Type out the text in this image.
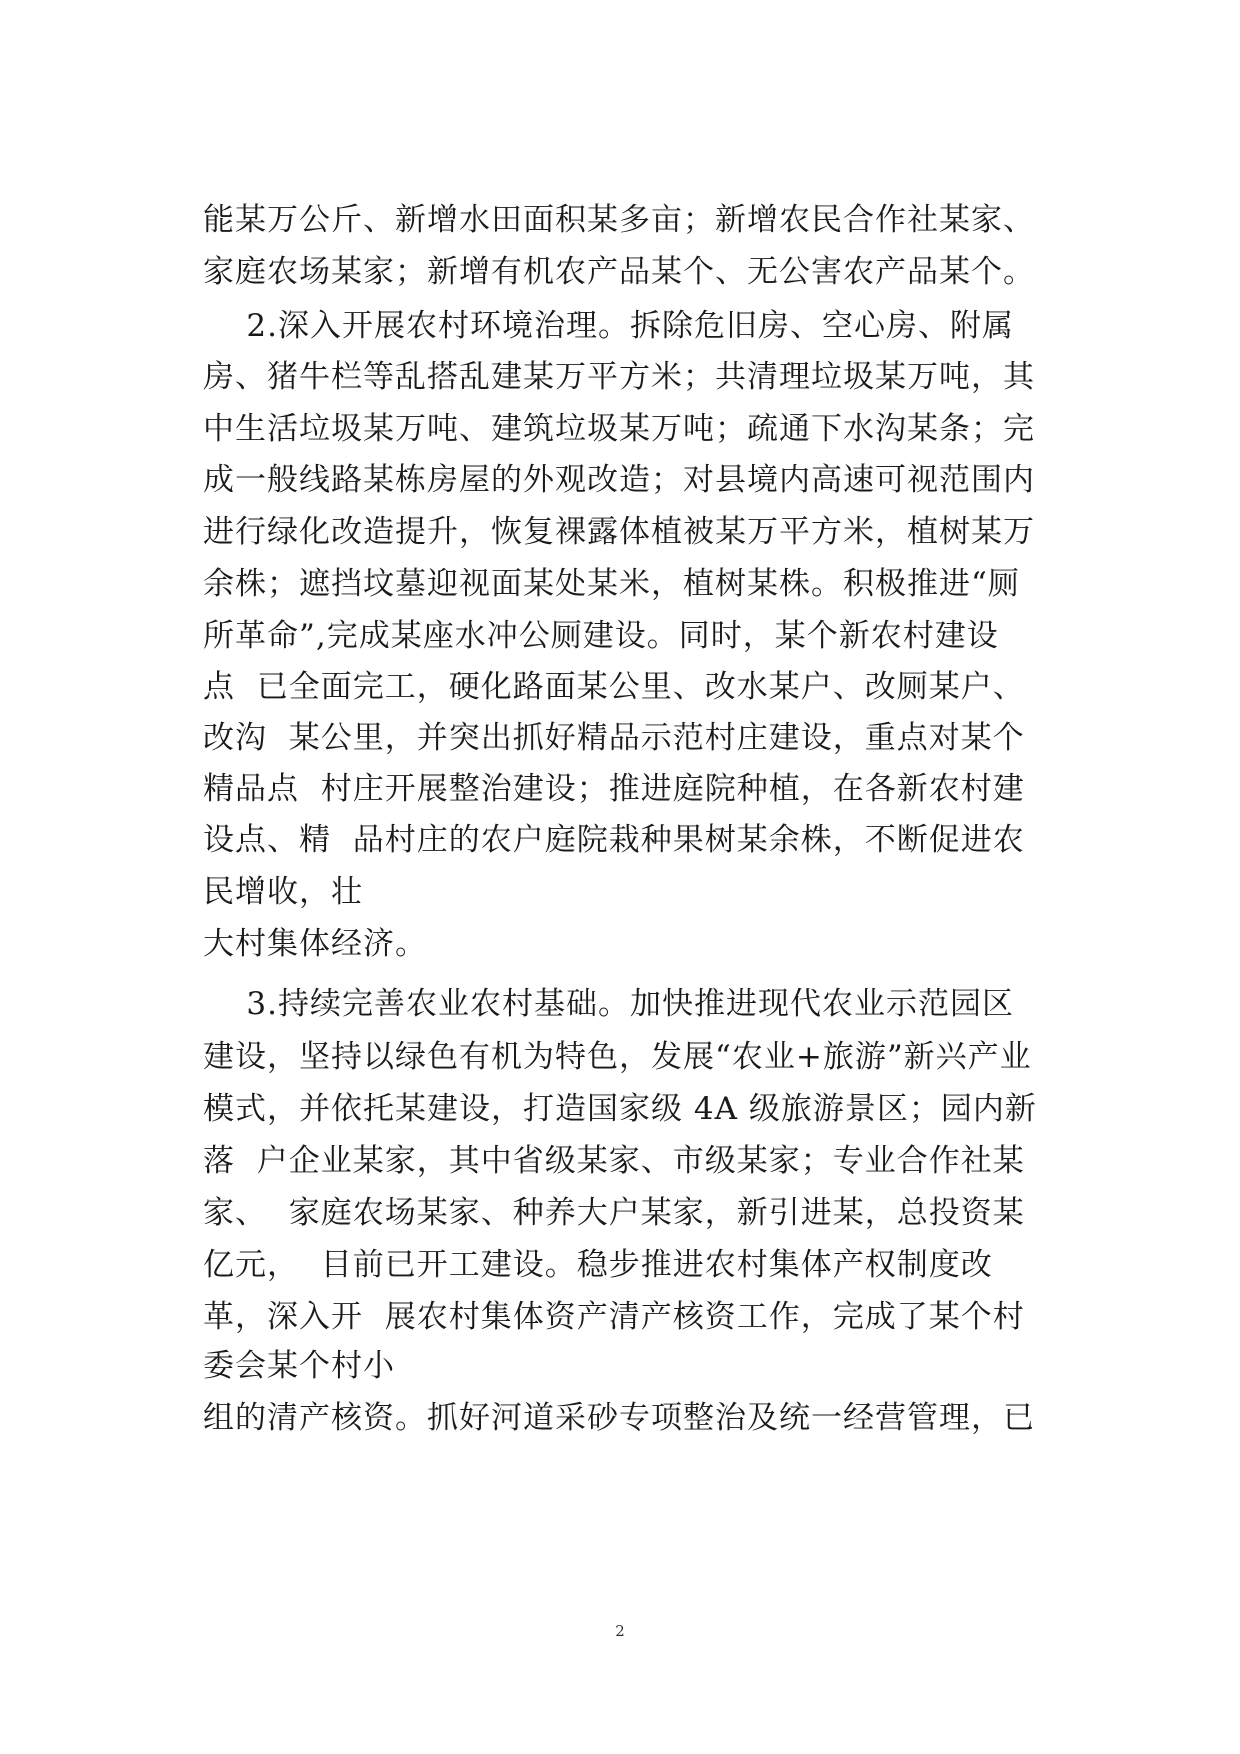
能某万公斤、新增水田面积某多亩；新增农民合作社某家、
家庭农场某家；新增有机农产品某个、无公害农产品某个。
2.深入开展农村环境治理。拆除危旧房、空心房、附属
房、猪牛栏等乱搭乱建某万平方米；共清理垃圾某万吨，其
中生活垃圾某万吨、建筑垃圾某万吨；疏通下水沟某条；完
成一般线路某栋房屋的外观改造；对县境内高速可视范围内
进行绿化改造提升，恢复裸露体植被某万平方米，植树某万
余株；遮挡坟墓迎视面某处某米，植树某株。积极推进“厕
所革命”,完成某座水冲公厕建设。同时，某个新农村建设
点  已全面完工，硬化路面某公里、改水某户、改厕某户、
改沟  某公里，并突出抓好精品示范村庄建设，重点对某个
精品点  村庄开展整治建设；推进庭院种植，在各新农村建
设点、精  品村庄的农户庭院栽种果树某余株，不断促进农
民增收，壮
大村集体经济。
3.持续完善农业农村基础。加快推进现代农业示范园区
建设，坚持以绿色有机为特色，发展“农业+旅游”新兴产业
模式，并依托某建设，打造国家级 4A 级旅游景区；园内新
落  户企业某家，其中省级某家、市级某家；专业合作社某
家、  家庭农场某家、种养大户某家，新引进某，总投资某
亿元，  目前已开工建设。稳步推进农村集体产权制度改
革，深入开  展农村集体资产清产核资工作，完成了某个村
委会某个村小
组的清产核资。抓好河道采砂专项整治及统一经营管理，已
2
